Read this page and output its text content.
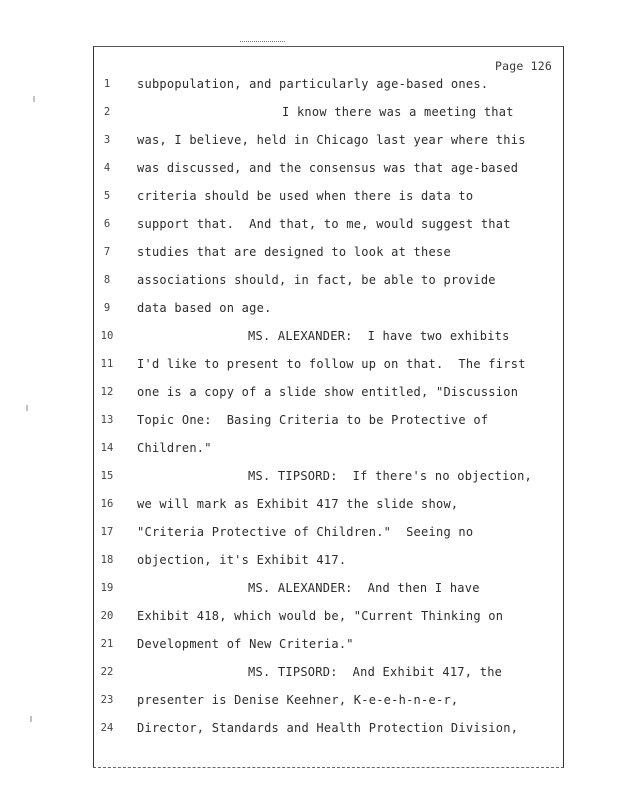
Page 126
1	subpopulation, and particularly age-based ones.
2	I know there was a meeting that
3	was, I believe, held in Chicago last year where this
4	was discussed, and the consensus was that age-based
5	criteria should be used when there is data to
6	support that.  And that, to me, would suggest that
7	studies that are designed to look at these
8	associations should, in fact, be able to provide
9	data based on age.
10	MS. ALEXANDER:  I have two exhibits
11	I'd like to present to follow up on that.  The first
12	one is a copy of a slide show entitled, "Discussion
13	Topic One:  Basing Criteria to be Protective of
14	Children."
15	MS. TIPSORD:  If there's no objection,
16	we will mark as Exhibit 417 the slide show,
17	"Criteria Protective of Children."  Seeing no
18	objection, it's Exhibit 417.
19	MS. ALEXANDER:  And then I have
20	Exhibit 418, which would be, "Current Thinking on
21	Development of New Criteria."
22	MS. TIPSORD:  And Exhibit 417, the
23	presenter is Denise Keehner, K-e-e-h-n-e-r,
24	Director, Standards and Health Protection Division,
